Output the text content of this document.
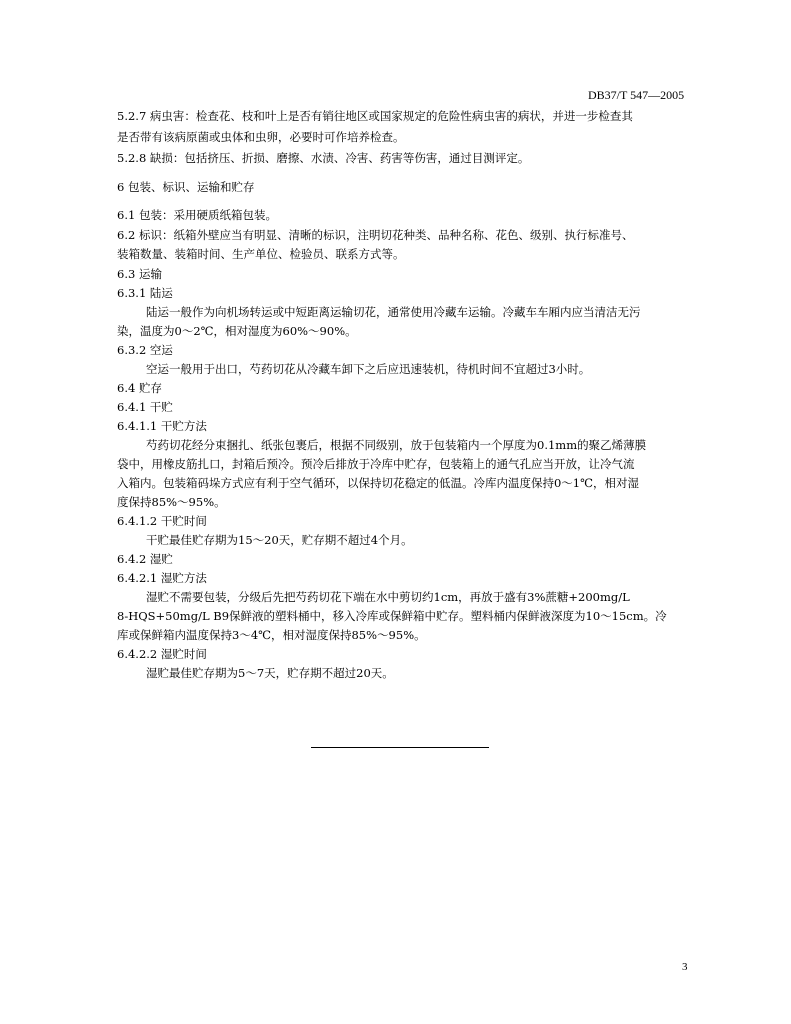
DB37/T 547—2005
5.2.7 病虫害：检查花、枝和叶上是否有销往地区或国家规定的危险性病虫害的病状，并进一步检查其
是否带有该病原菌或虫体和虫卵，必要时可作培养检查。
5.2.8 缺损：包括挤压、折损、磨擦、水渍、冷害、药害等伤害，通过目测评定。
6 包装、标识、运输和贮存
6.1 包装：采用硬质纸箱包装。
6.2 标识：纸箱外壁应当有明显、清晰的标识，注明切花种类、品种名称、花色、级别、执行标准号、
装箱数量、装箱时间、生产单位、检验员、联系方式等。
6.3 运输
6.3.1 陆运
陆运一般作为向机场转运或中短距离运输切花，通常使用冷藏车运输。冷藏车车厢内应当清洁无污
染，温度为0～2℃，相对湿度为60%～90%。
6.3.2 空运
空运一般用于出口，芍药切花从冷藏车卸下之后应迅速装机，待机时间不宜超过3小时。
6.4 贮存
6.4.1 干贮
6.4.1.1 干贮方法
芍药切花经分束捆扎、纸张包裹后，根据不同级别，放于包装箱内一个厚度为0.1mm的聚乙烯薄膜
袋中，用橡皮筋扎口，封箱后预冷。预冷后排放于冷库中贮存，包装箱上的通气孔应当开放，让冷气流
入箱内。包装箱码垛方式应有利于空气循环，以保持切花稳定的低温。冷库内温度保持0～1℃，相对湿
度保持85%～95%。
6.4.1.2 干贮时间
干贮最佳贮存期为15～20天，贮存期不超过4个月。
6.4.2 湿贮
6.4.2.1 湿贮方法
湿贮不需要包装，分级后先把芍药切花下端在水中剪切约1cm，再放于盛有3%蔗糖+200mg/L
8-HQS+50mg/L B9保鲜液的塑料桶中，移入冷库或保鲜箱中贮存。塑料桶内保鲜液深度为10～15cm。冷
库或保鲜箱内温度保持3～4℃，相对湿度保持85%～95%。
6.4.2.2 湿贮时间
湿贮最佳贮存期为5～7天，贮存期不超过20天。
3
